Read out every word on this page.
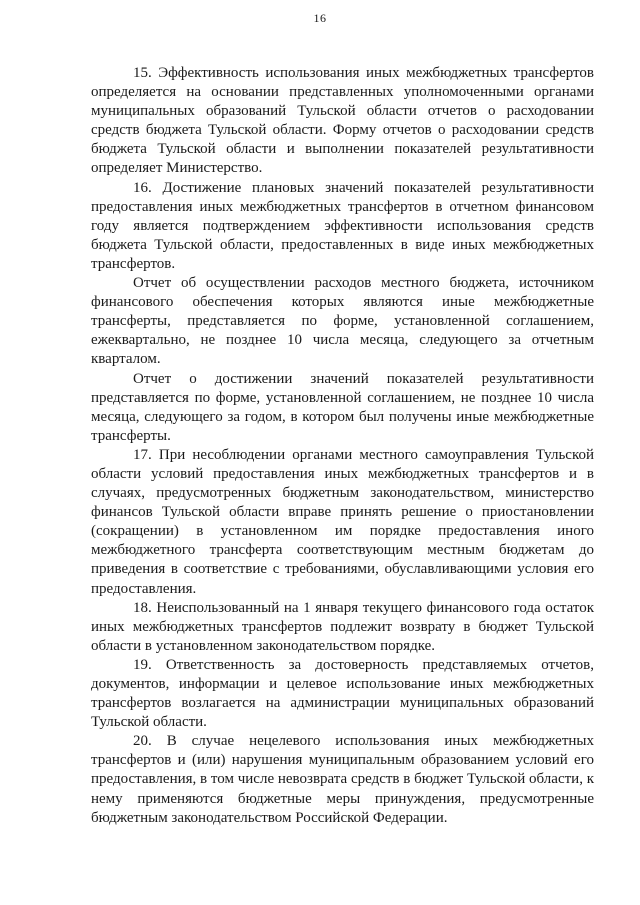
16

15. Эффективность использования иных межбюджетных трансфертов определяется на основании представленных уполномоченными органами муниципальных образований Тульской области отчетов о расходовании средств бюджета Тульской области. Форму отчетов о расходовании средств бюджета Тульской области и выполнении показателей результативности определяет Министерство.

16. Достижение плановых значений показателей результативности предоставления иных межбюджетных трансфертов в отчетном финансовом году является подтверждением эффективности использования средств бюджета Тульской области, предоставленных в виде иных межбюджетных трансфертов.

Отчет об осуществлении расходов местного бюджета, источником финансового обеспечения которых являются иные межбюджетные трансферты, представляется по форме, установленной соглашением, ежеквартально, не позднее 10 числа месяца, следующего за отчетным кварталом.

Отчет о достижении значений показателей результативности представляется по форме, установленной соглашением, не позднее 10 числа месяца, следующего за годом, в котором был получены иные межбюджетные трансферты.

17. При несоблюдении органами местного самоуправления Тульской области условий предоставления иных межбюджетных трансфертов и в случаях, предусмотренных бюджетным законодательством, министерство финансов Тульской области вправе принять решение о приостановлении (сокращении) в установленном им порядке предоставления иного межбюджетного трансферта соответствующим местным бюджетам до приведения в соответствие с требованиями, обуславливающими условия его предоставления.

18. Неиспользованный на 1 января текущего финансового года остаток иных межбюджетных трансфертов подлежит возврату в бюджет Тульской области в установленном законодательством порядке.

19. Ответственность за достоверность представляемых отчетов, документов, информации и целевое использование иных межбюджетных трансфертов возлагается на администрации муниципальных образований Тульской области.

20. В случае нецелевого использования иных межбюджетных трансфертов и (или) нарушения муниципальным образованием условий его предоставления, в том числе невозврата средств в бюджет Тульской области, к нему применяются бюджетные меры принуждения, предусмотренные бюджетным законодательством Российской Федерации.
